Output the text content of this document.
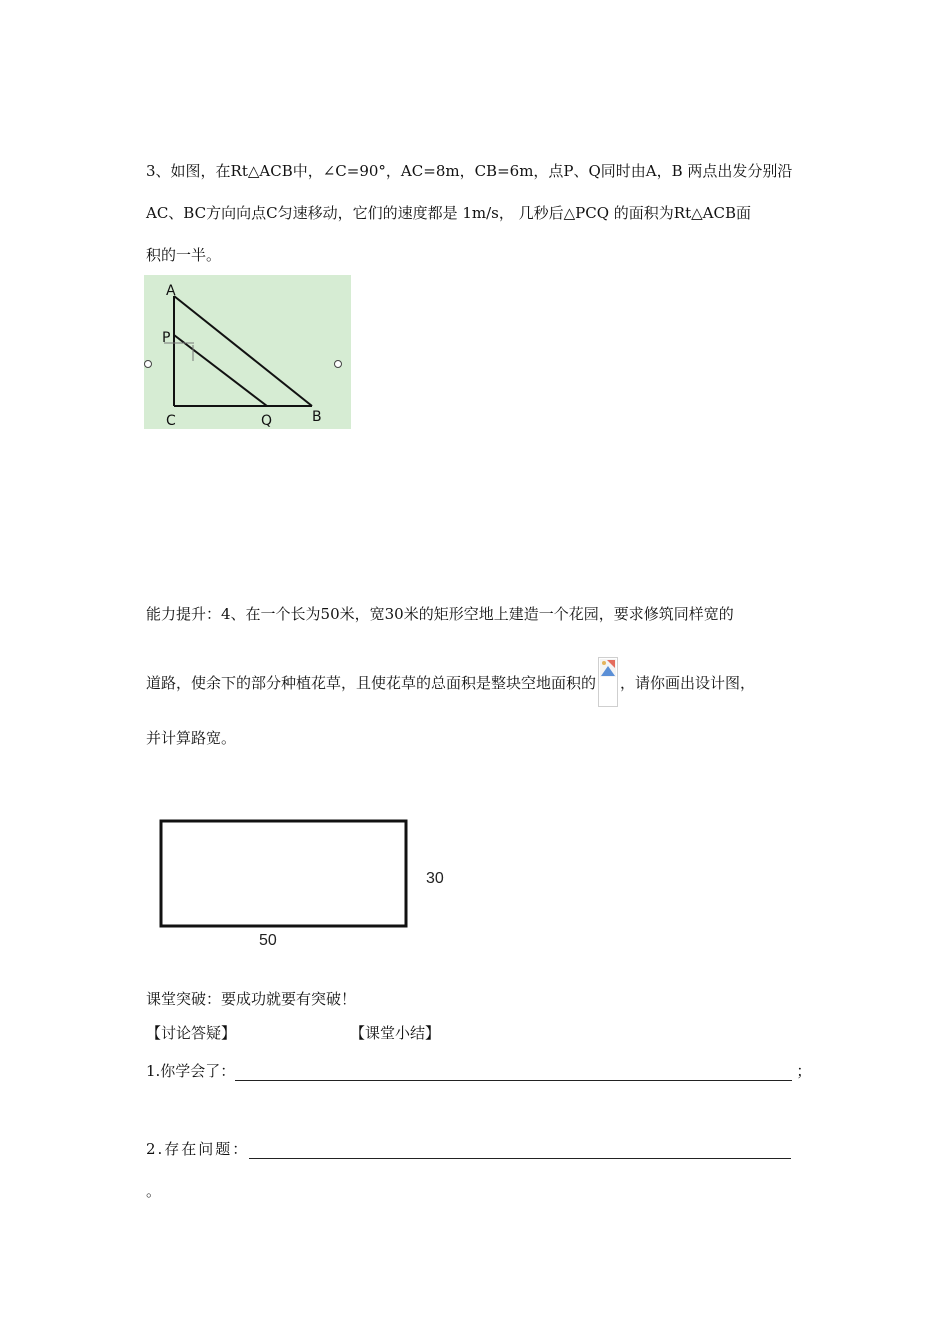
3、如图，在Rt△ACB中，∠C=90°，AC=8m，CB=6m，点P、Q同时由A，B 两点出发分别沿
AC、BC方向向点C匀速移动，它们的速度都是 1m/s， 几秒后△PCQ 的面积为Rt△ACB面
积的一半。
A
P
C	Q	B
能力提升：4、在一个长为50米，宽30米的矩形空地上建造一个花园，要求修筑同样宽的
道路，使余下的部分种植花草，且使花草的总面积是整块空地面积的 ，请你画出设计图，
并计算路宽。
30
50
课堂突破：要成功就要有突破！
【讨论答疑】	【课堂小结】
1.你学会了：	；
2.存在问题：
。
